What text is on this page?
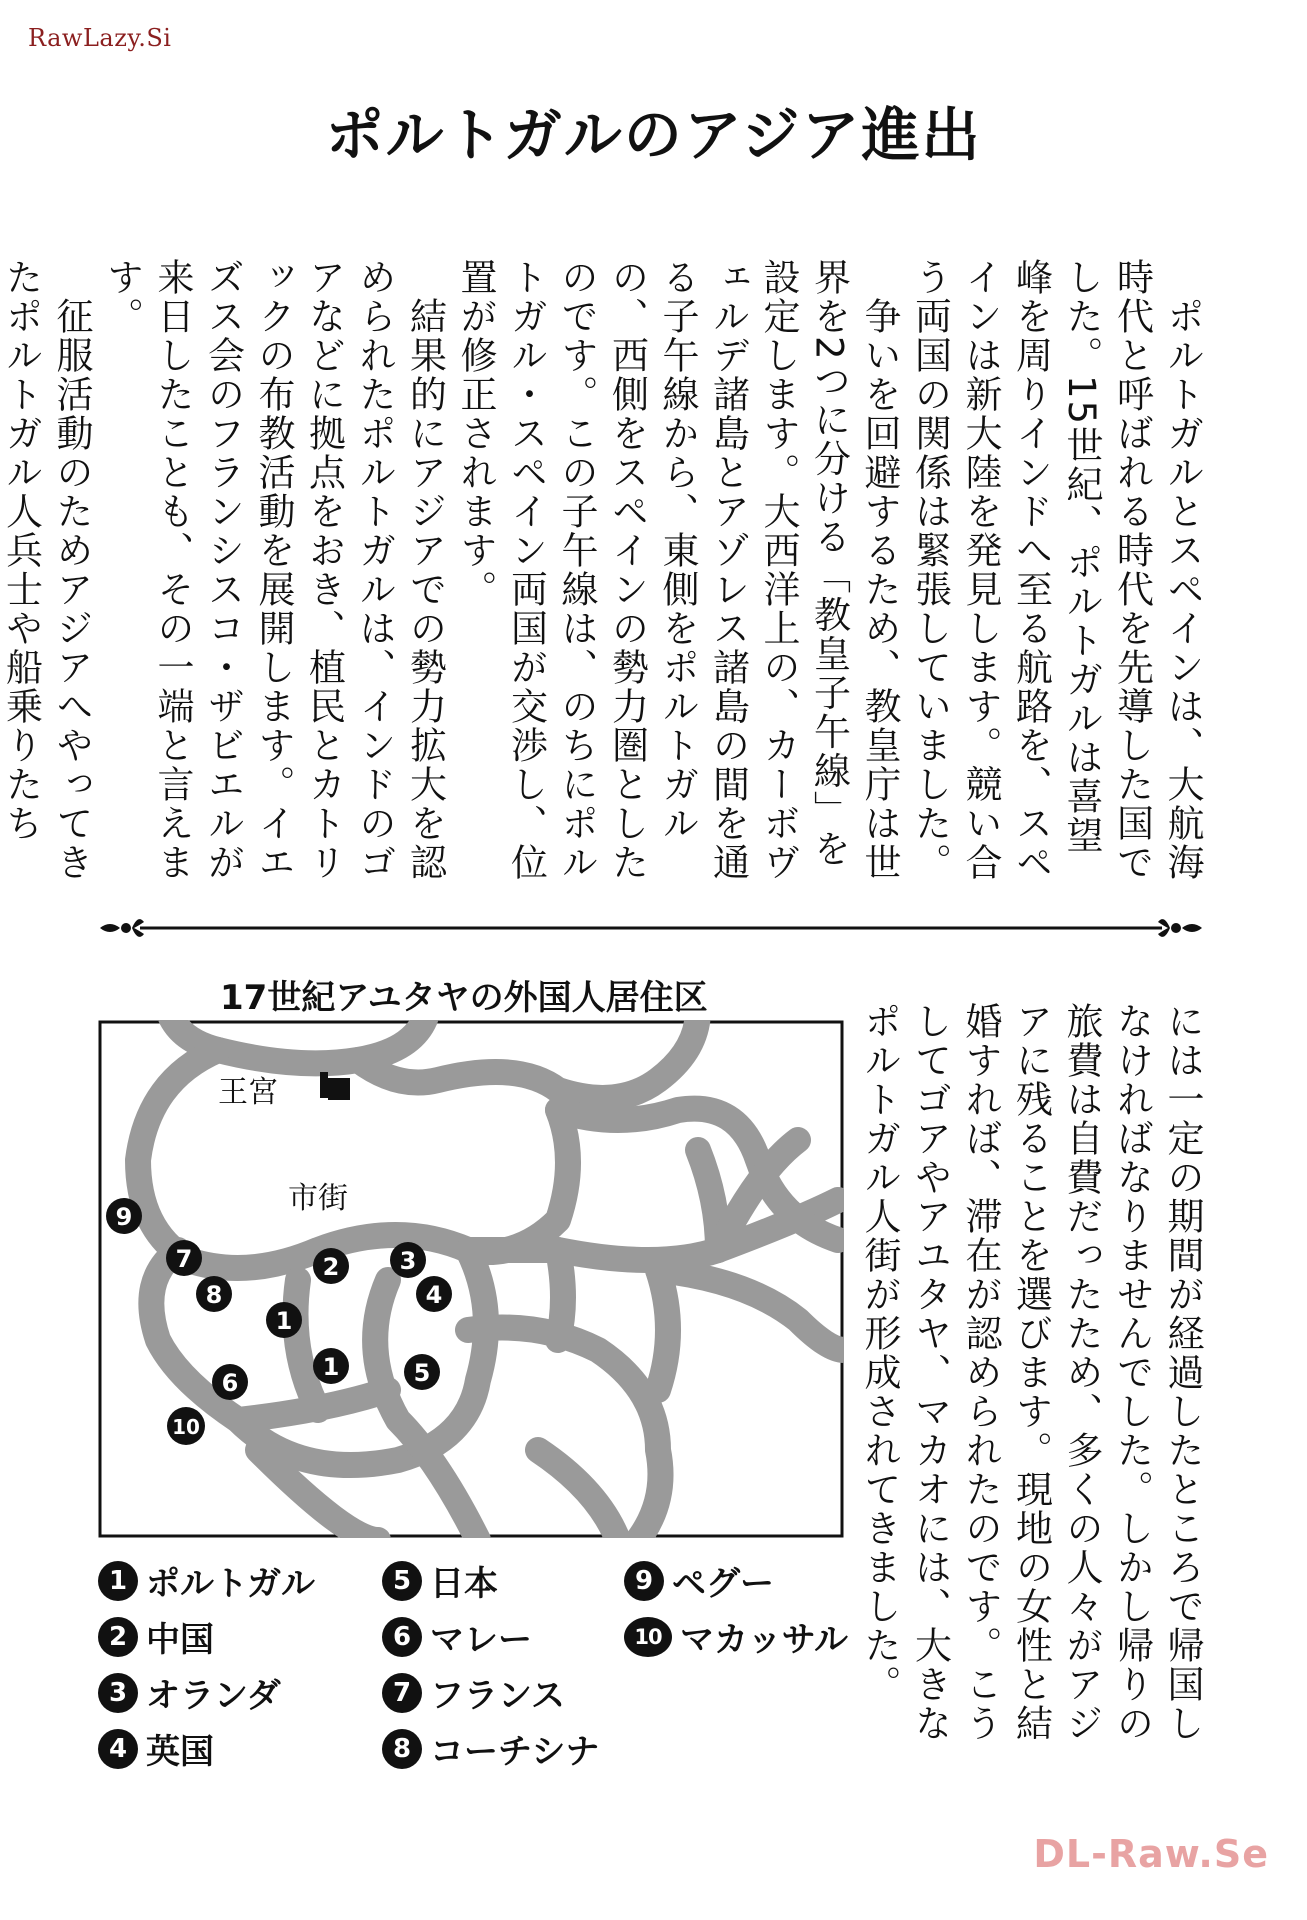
RawLazy.Si
ポルトガルのアジア進出
　ポルトガルとスペインは、大航海時代と呼ばれる時代を先導した国でした。15世紀、ポルトガルは喜望峰を周りインドへ至る航路を、スペインは新大陸を発見します。競い合う両国の関係は緊張していました。
　争いを回避するため、教皇庁は世界を2つに分ける「教皇子午線」を設定します。大西洋上の、カーボヴェルデ諸島とアゾレス諸島の間を通る子午線から、東側をポルトガルの、西側をスペインの勢力圏としたのです。この子午線は、のちにポルトガル・スペイン両国が交渉し、位置が修正されます。
　結果的にアジアでの勢力拡大を認められたポルトガルは、インドのゴアなどに拠点をおき、植民とカトリックの布教活動を展開します。イエズス会のフランシスコ・ザビエルが来日したことも、その一端と言えます。
　征服活動のためアジアへやってきたポルトガル人兵士や船乗りたち
17世紀アユタヤの外国人居住区
王宮
市街
1
1
2	3
4
5
6
7
8
9
10
1 ポルトガル
2 中国
3 オランダ
4 英国
5 日本
6 マレー
7 フランス
8 コーチシナ
9 ペグー
10 マカッサル	には一定の期間が経過したところで帰国しなければなりませんでした。しかし帰りの旅費は自費だったため、多くの人々がアジアに残ることを選びます。現地の女性と結婚すれば、滞在が認められたのです。こうしてゴアやアユタヤ、マカオには、大きなポルトガル人街が形成されてきました。
DL-Raw.Se
